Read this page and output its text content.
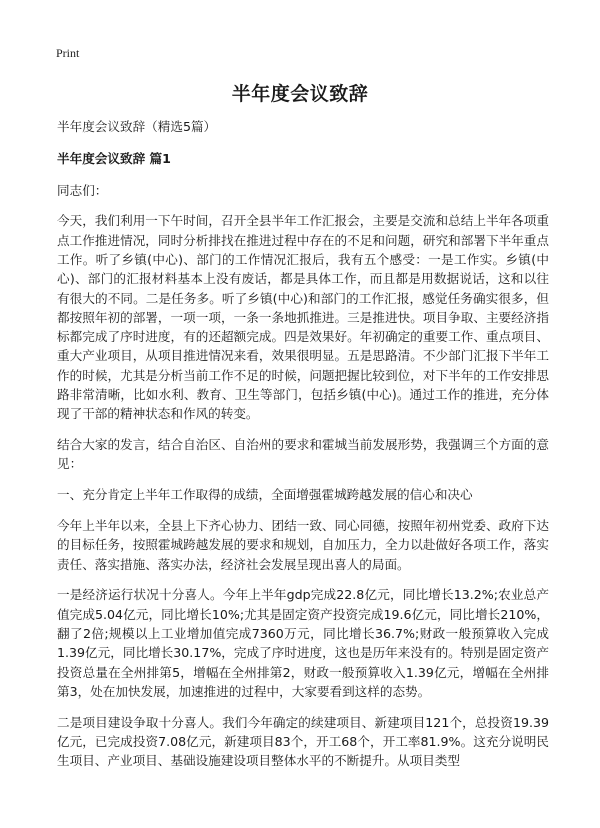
Print
半年度会议致辞

半年度会议致辞（精选5篇）

半年度会议致辞 篇1

同志们：

今天，我们利用一下午时间，召开全县半年工作汇报会，主要是交流和总结上半年各项重点工作推进情况，同时分析排找在推进过程中存在的不足和问题，研究和部署下半年重点工作。听了乡镇(中心)、部门的工作情况汇报后，我有五个感受：一是工作实。乡镇(中心)、部门的汇报材料基本上没有废话，都是具体工作，而且都是用数据说话，这和以往有很大的不同。二是任务多。听了乡镇(中心)和部门的工作汇报，感觉任务确实很多，但都按照年初的部署，一项一项，一条一条地抓推进。三是推进快。项目争取、主要经济指标都完成了序时进度，有的还超额完成。四是效果好。年初确定的重要工作、重点项目、重大产业项目，从项目推进情况来看，效果很明显。五是思路清。不少部门汇报下半年工作的时候，尤其是分析当前工作不足的时候，问题把握比较到位，对下半年的工作安排思路非常清晰，比如水利、教育、卫生等部门，包括乡镇(中心)。通过工作的推进，充分体现了干部的精神状态和作风的转变。

结合大家的发言，结合自治区、自治州的要求和霍城当前发展形势，我强调三个方面的意见：

一、充分肯定上半年工作取得的成绩，全面增强霍城跨越发展的信心和决心

今年上半年以来，全县上下齐心协力、团结一致、同心同德，按照年初州党委、政府下达的目标任务，按照霍城跨越发展的要求和规划，自加压力，全力以赴做好各项工作，落实责任、落实措施、落实办法，经济社会发展呈现出喜人的局面。

一是经济运行状况十分喜人。今年上半年gdp完成22.8亿元，同比增长13.2%;农业总产值完成5.04亿元，同比增长10%;尤其是固定资产投资完成19.6亿元，同比增长210%，翻了2倍;规模以上工业增加值完成7360万元，同比增长36.7%;财政一般预算收入完成1.39亿元，同比增长30.17%，完成了序时进度，这也是历年来没有的。特别是固定资产投资总量在全州排第5，增幅在全州排第2，财政一般预算收入1.39亿元，增幅在全州排第3，处在加快发展，加速推进的过程中，大家要看到这样的态势。

二是项目建设争取十分喜人。我们今年确定的续建项目、新建项目121个，总投资19.39亿元，已完成投资7.08亿元，新建项目83个，开工68个，开工率81.9%。这充分说明民生项目、产业项目、基础设施建设项目整体水平的不断提升。从项目类型
